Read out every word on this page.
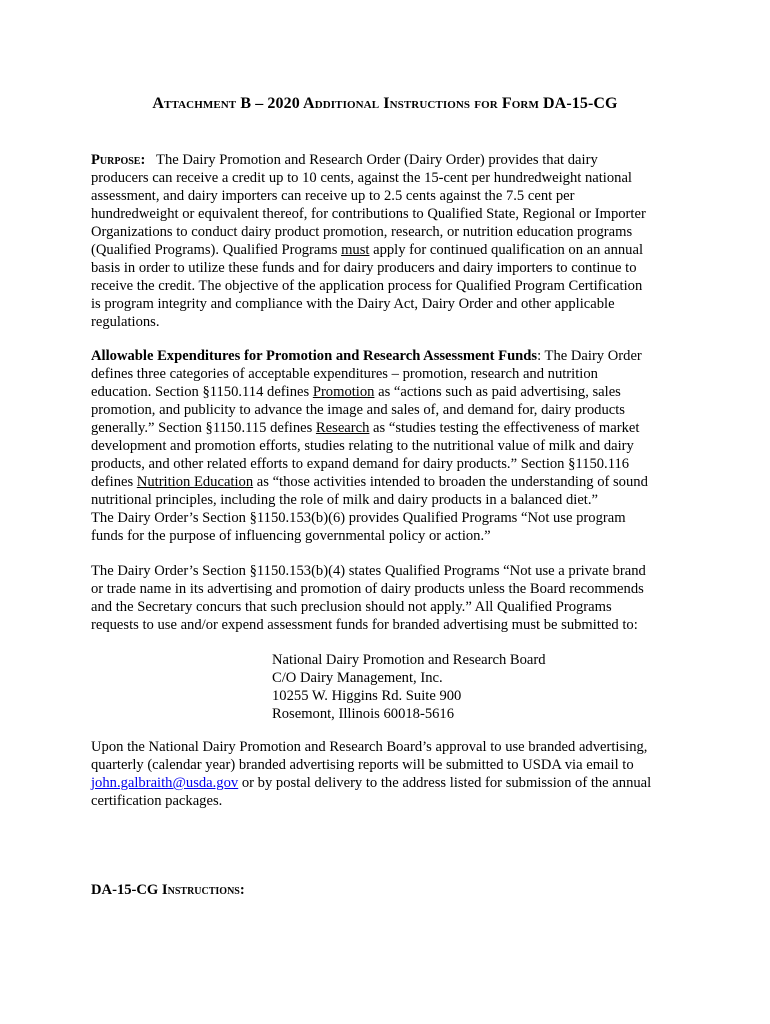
Attachment B – 2020 Additional Instructions for Form DA-15-CG
Purpose: The Dairy Promotion and Research Order (Dairy Order) provides that dairy
producers can receive a credit up to 10 cents, against the 15-cent per hundredweight national
assessment, and dairy importers can receive up to 2.5 cents against the 7.5 cent per
hundredweight or equivalent thereof, for contributions to Qualified State, Regional or Importer
Organizations to conduct dairy product promotion, research, or nutrition education programs
(Qualified Programs). Qualified Programs must apply for continued qualification on an annual
basis in order to utilize these funds and for dairy producers and dairy importers to continue to
receive the credit. The objective of the application process for Qualified Program Certification
is program integrity and compliance with the Dairy Act, Dairy Order and other applicable
regulations.
Allowable Expenditures for Promotion and Research Assessment Funds: The Dairy Order
defines three categories of acceptable expenditures – promotion, research and nutrition
education. Section §1150.114 defines Promotion as “actions such as paid advertising, sales
promotion, and publicity to advance the image and sales of, and demand for, dairy products
generally.” Section §1150.115 defines Research as “studies testing the effectiveness of market
development and promotion efforts, studies relating to the nutritional value of milk and dairy
products, and other related efforts to expand demand for dairy products.” Section §1150.116
defines Nutrition Education as “those activities intended to broaden the understanding of sound
nutritional principles, including the role of milk and dairy products in a balanced diet.”
The Dairy Order’s Section §1150.153(b)(6) provides Qualified Programs “Not use program
funds for the purpose of influencing governmental policy or action.”
The Dairy Order’s Section §1150.153(b)(4) states Qualified Programs “Not use a private brand
or trade name in its advertising and promotion of dairy products unless the Board recommends
and the Secretary concurs that such preclusion should not apply.” All Qualified Programs
requests to use and/or expend assessment funds for branded advertising must be submitted to:
National Dairy Promotion and Research Board
C/O Dairy Management, Inc.
10255 W. Higgins Rd. Suite 900
Rosemont, Illinois 60018-5616
Upon the National Dairy Promotion and Research Board’s approval to use branded advertising,
quarterly (calendar year) branded advertising reports will be submitted to USDA via email to
john.galbraith@usda.gov or by postal delivery to the address listed for submission of the annual
certification packages.
DA-15-CG Instructions:
